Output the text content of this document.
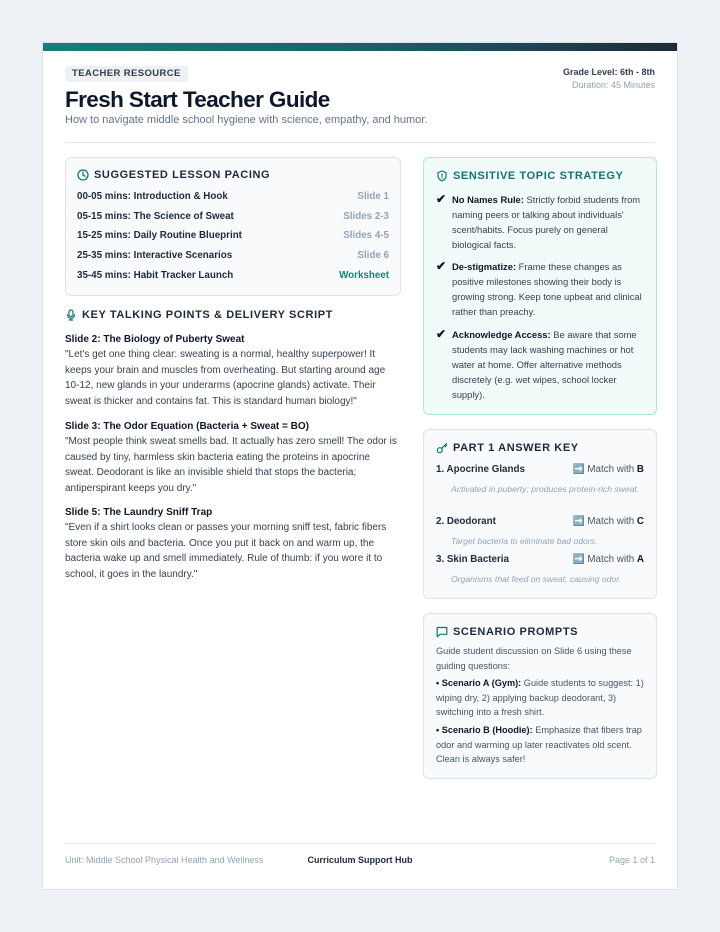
TEACHER RESOURCE
Fresh Start Teacher Guide
How to navigate middle school hygiene with science, empathy, and humor.
Grade Level: 6th - 8th
Duration: 45 Minutes
SUGGESTED LESSON PACING
00-05 mins: Introduction & Hook	Slide 1
05-15 mins: The Science of Sweat	Slides 2-3
15-25 mins: Daily Routine Blueprint	Slides 4-5
25-35 mins: Interactive Scenarios	Slide 6
35-45 mins: Habit Tracker Launch	Worksheet
KEY TALKING POINTS & DELIVERY SCRIPT
Slide 2: The Biology of Puberty Sweat

"Let's get one thing clear: sweating is a normal, healthy superpower! It keeps your brain and muscles from overheating. But starting around age 10-12, new glands in your underarms (apocrine glands) activate. Their sweat is thicker and contains fat. This is standard human biology!"

Slide 3: The Odor Equation (Bacteria + Sweat = BO)

"Most people think sweat smells bad. It actually has zero smell! The odor is caused by tiny, harmless skin bacteria eating the proteins in apocrine sweat. Deodorant is like an invisible shield that stops the bacteria; antiperspirant keeps you dry."

Slide 5: The Laundry Sniff Trap

"Even if a shirt looks clean or passes your morning sniff test, fabric fibers store skin oils and bacteria. Once you put it back on and warm up, the bacteria wake up and smell immediately. Rule of thumb: if you wore it to school, it goes in the laundry."

SENSITIVE TOPIC STRATEGY
✔ No Names Rule: Strictly forbid students from naming peers or talking about individuals' scent/habits. Focus purely on general biological facts.
✔ De-stigmatize: Frame these changes as positive milestones showing their body is growing strong. Keep tone upbeat and clinical rather than preachy.
✔ Acknowledge Access: Be aware that some students may lack washing machines or hot water at home. Offer alternative methods discretely (e.g. wet wipes, school locker supply).
PART 1 ANSWER KEY
1. Apocrine Glands	➡️ Match with B
Activated in puberty; produces protein-rich sweat.
2. Deodorant	➡️ Match with C
Target bacteria to eliminate bad odors.
3. Skin Bacteria	➡️ Match with A
Organisms that feed on sweat, causing odor.
SCENARIO PROMPTS

Guide student discussion on Slide 6 using these guiding questions:

• Scenario A (Gym): Guide students to suggest: 1) wiping dry, 2) applying backup deodorant, 3) switching into a fresh shirt.

• Scenario B (Hoodie): Emphasize that fibers trap odor and warming up later reactivates old scent. Clean is always safer!

Unit: Middle School Physical Health and Wellness	Curriculum Support Hub	Page 1 of 1
